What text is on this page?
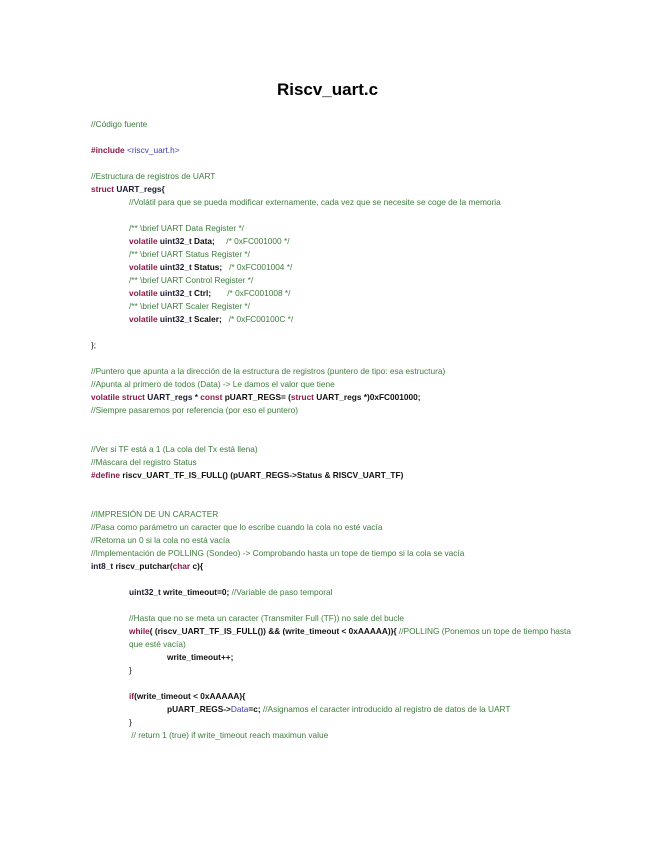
Riscv_uart.c
//Código fuente
#include <riscv_uart.h>
//Estructura de registros de UART
struct UART_regs{
//Volátil para que se pueda modificar externamente, cada vez que se necesite se coge de la memoria
/** \brief UART Data Register */
volatile uint32_t Data;     /* 0xFC001000 */
/** \brief UART Status Register */
volatile uint32_t Status;   /* 0xFC001004 */
/** \brief UART Control Register */
volatile uint32_t Ctrl;       /* 0xFC001008 */
/** \brief UART Scaler Register */
volatile uint32_t Scaler;   /* 0xFC00100C */
};
//Puntero que apunta a la dirección de la estructura de registros (puntero de tipo: esa estructura)
//Apunta al primero de todos (Data) -> Le damos el valor que tiene
volatile struct UART_regs * const pUART_REGS= (struct UART_regs *)0xFC001000;
//Siempre pasaremos por referencia (por eso el puntero)
//Ver si TF está a 1 (La cola del Tx está llena)
//Máscara del registro Status
#define riscv_UART_TF_IS_FULL() (pUART_REGS->Status & RISCV_UART_TF)
//IMPRESIÓN DE UN CARACTER
//Pasa como parámetro un caracter que lo escribe cuando la cola no esté vacía
//Retorna un 0 si la cola no está vacía
//Implementación de POLLING (Sondeo) -> Comprobando hasta un tope de tiempo si la cola se vacía
int8_t riscv_putchar(char c){
uint32_t write_timeout=0; //Variable de paso temporal
//Hasta que no se meta un caracter (Transmiter Full (TF)) no sale del bucle
while( (riscv_UART_TF_IS_FULL()) && (write_timeout < 0xAAAAA)){ //POLLING (Ponemos un tope de tiempo hasta que esté vacía)
write_timeout++;
}
if(write_timeout < 0xAAAAA){
pUART_REGS->Data=c; //Asignamos el caracter introducido al registro de datos de la UART
}
// return 1 (true) if write_timeout reach maximun value
